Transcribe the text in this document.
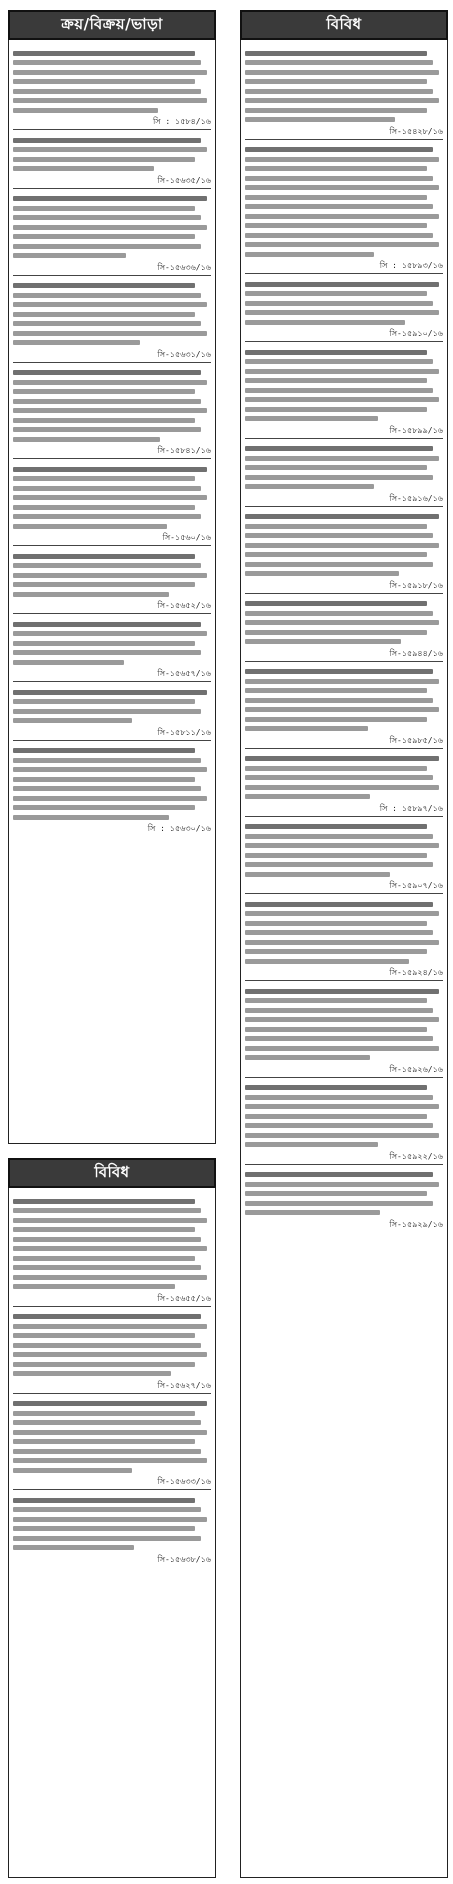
ক্রয়/বিক্রয়/ভাড়া
সি : ১৫৮৪/১৬
সি-১৫৬৩৫/১৬
সি-১৫৬৩৬/১৬
সি-১৫৬৩১/১৬
সি-১৫৮৪১/১৬
সি-১৫৬০/১৬
সি-১৫৬৫২/১৬
সি-১৫৬৫৭/১৬
সি-১৫৮১১/১৬
সি : ১৫৬৩০/১৬
বিবিধ
সি-১৫৬৫৫/১৬
সি-১৫৬২৭/১৬
সি-১৫৬৩৩/১৬
সি-১৫৬৩৮/১৬
বিবিধ
সি-১৫৪২৮/১৬
সি : ১৫৮৯৩/১৬
সি-১৫৯১০/১৬
সি-১৫৮৯৯/১৬
সি-১৫৯১৬/১৬
সি-১৫৯১৮/১৬
সি-১৫৯৪৪/১৬
সি-১৫৯৮৫/১৬
সি : ১৫৮৯৭/১৬
সি-১৫৯০৭/১৬
সি-১৫৯২৪/১৬
সি-১৫৯২৬/১৬
সি-১৫৯২২/১৬
সি-১৫৯২৯/১৬
